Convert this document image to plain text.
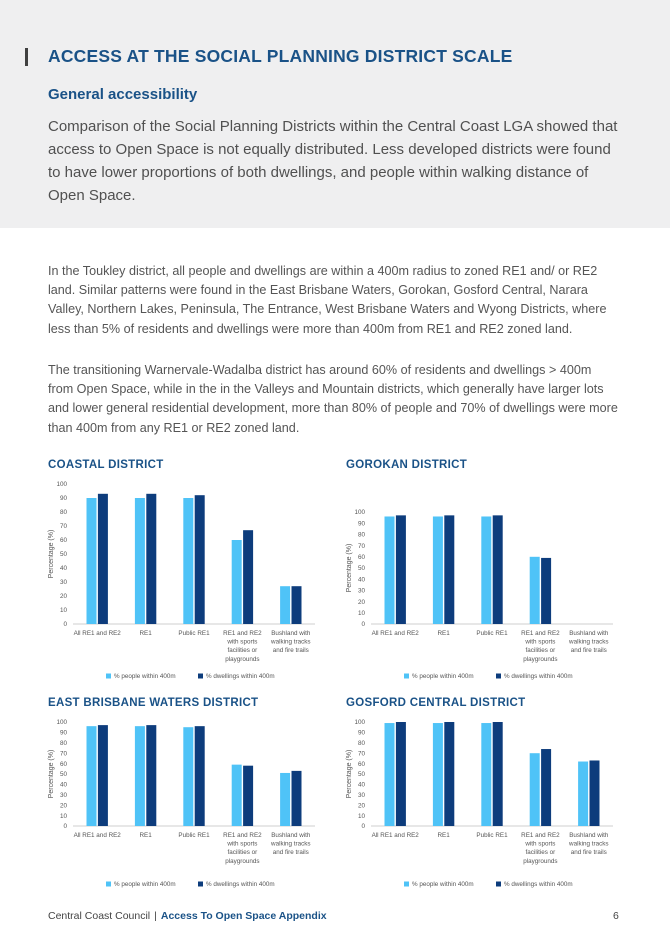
ACCESS AT THE SOCIAL PLANNING DISTRICT SCALE
General accessibility

Comparison of the Social Planning Districts within the Central Coast LGA showed that access to Open Space is not equally distributed. Less developed districts were found to have lower proportions of both dwellings, and people within walking distance of Open Space.

In the Toukley district, all people and dwellings are within a 400m radius to zoned RE1 and/ or RE2 land. Similar patterns were found in the East Brisbane Waters, Gorokan, Gosford Central, Narara Valley, Northern Lakes, Peninsula, The Entrance, West Brisbane Waters and Wyong Districts, where less than 5% of residents and dwellings were more than 400m from RE1 and RE2 zoned land.

The transitioning Warnervale-Wadalba district has around 60% of residents and dwellings > 400m from Open Space, while in the in the Valleys and Mountain districts, which generally have larger lots and lower general residential development, more than 80% of people and 70% of dwellings were more than 400m from any RE1 or RE2 zoned land.

COASTAL DISTRICT
0
10
20
30
40
50
60
70
80
90
100
Percentage (%)
All RE1 and RE2	RE1	Public RE1 RE1 and RE2
with sports
facilities or
playgrounds
Bushland with
walking tracks
and fire trails
% people within 400m	% dwellings within 400m
GOROKAN DISTRICT
0
10
20
30
40
50
60
70
80
90
100
Percentage (%)
All RE1 and RE2	RE1	Public RE1 RE1 and RE2
with sports
facilities or
playgrounds
Bushland with
walking tracks
and fire trails
% people within 400m	% dwellings within 400m
EAST BRISBANE WATERS DISTRICT
0
10
20
30
40
50
60
70
80
90
100
Percentage (%)
All RE1 and RE2	RE1	Public RE1 RE1 and RE2
with sports
facilities or
playgrounds
Bushland with
walking tracks
and fire trails
% people within 400m	% dwellings within 400m
GOSFORD CENTRAL DISTRICT
0
10
20
30
40
50
60
70
80
90
100
Percentage (%)
All RE1 and RE2	RE1	Public RE1 RE1 and RE2
with sports
facilities or
playgrounds
Bushland with
walking tracks
and fire trails
% people within 400m	% dwellings within 400m
Central Coast Council | Access To Open Space Appendix	6
